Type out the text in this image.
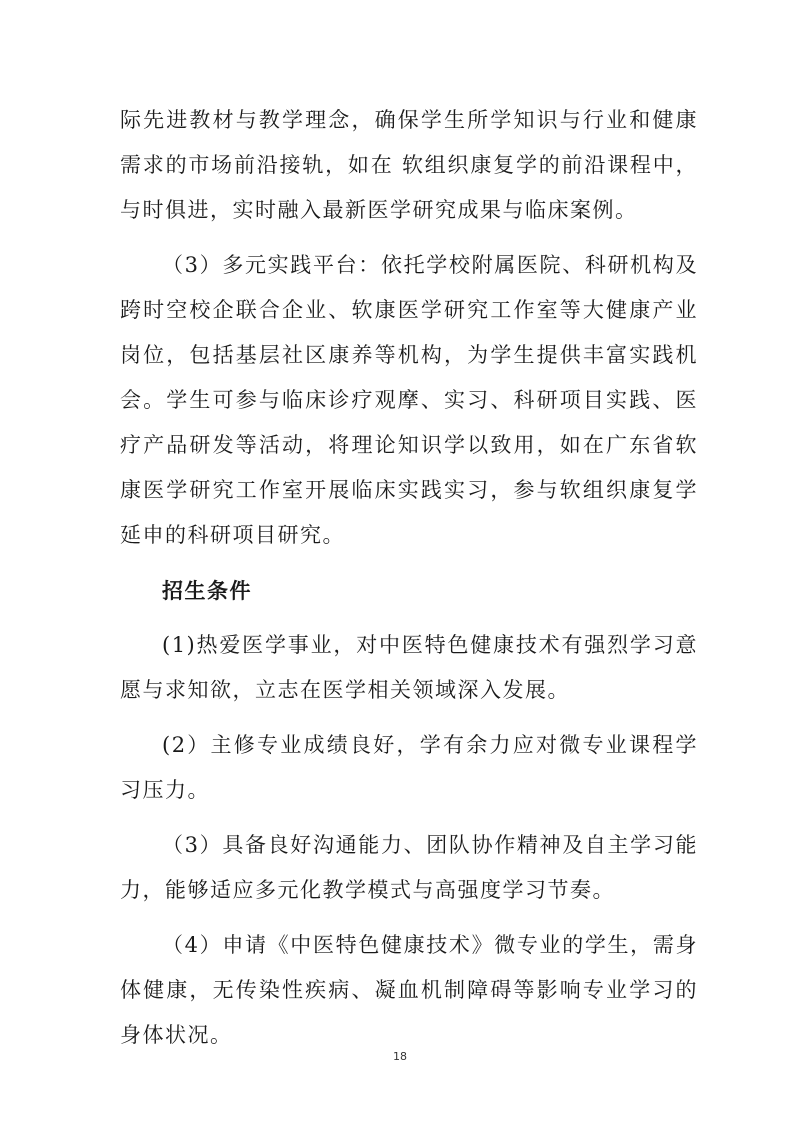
际先进教材与教学理念，确保学生所学知识与行业和健康需求的市场前沿接轨，如在 软组织康复学的前沿课程中，与时俱进，实时融入最新医学研究成果与临床案例。

（3）多元实践平台：依托学校附属医院、科研机构及跨时空校企联合企业、软康医学研究工作室等大健康产业岗位，包括基层社区康养等机构，为学生提供丰富实践机会。学生可参与临床诊疗观摩、实习、科研项目实践、医疗产品研发等活动，将理论知识学以致用，如在广东省软康医学研究工作室开展临床实践实习，参与软组织康复学延申的科研项目研究。

招生条件

(1)热爱医学事业，对中医特色健康技术有强烈学习意愿与求知欲，立志在医学相关领域深入发展。

(2）主修专业成绩良好，学有余力应对微专业课程学习压力。

（3）具备良好沟通能力、团队协作精神及自主学习能力，能够适应多元化教学模式与高强度学习节奏。

（4）申请《中医特色健康技术》微专业的学生，需身体健康，无传染性疾病、凝血机制障碍等影响专业学习的身体状况。

18
